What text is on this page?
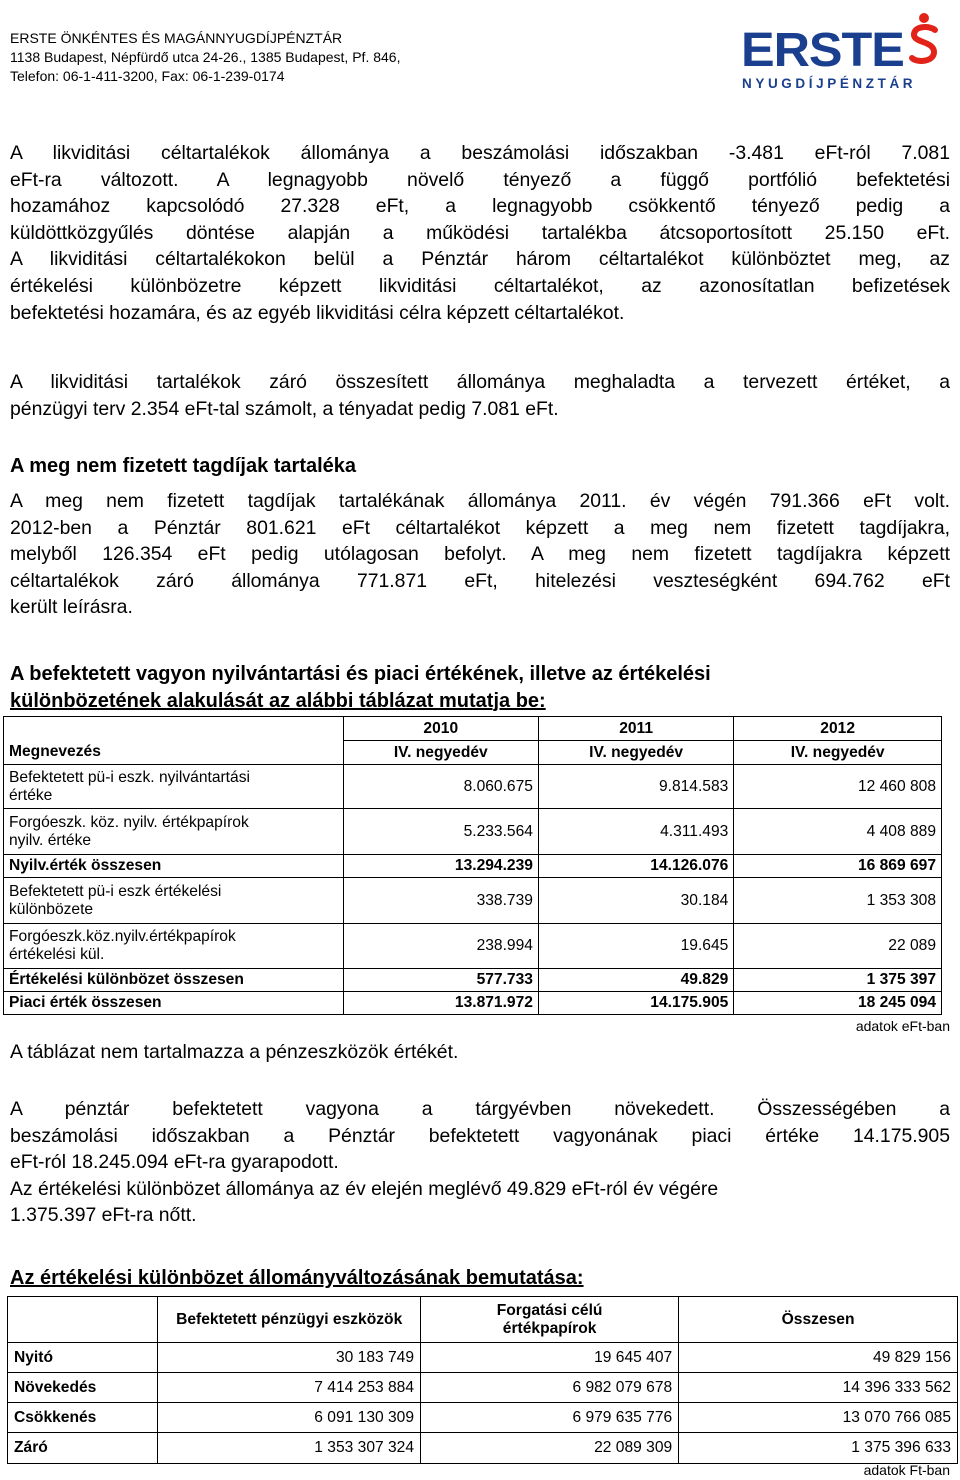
ERSTE ÖNKÉNTES ÉS MAGÁNNYUGDÍJPÉNZTÁR
1138 Budapest, Népfürdő utca 24-26., 1385 Budapest, Pf. 846,
Telefon: 06-1-411-3200, Fax: 06-1-239-0174	ERSTE
NYUGDÍJPÉNZTÁR
A likviditási céltartalékok állománya a beszámolási időszakban -3.481 eFt-ról 7.081
eFt-ra változott. A legnagyobb növelő tényező a függő portfólió befektetési
hozamához kapcsolódó 27.328 eFt, a legnagyobb csökkentő tényező pedig a
küldöttközgyűlés döntése alapján a működési tartalékba átcsoportosított 25.150 eFt.
A likviditási céltartalékokon belül a Pénztár három céltartalékot különböztet meg, az
értékelési különbözetre képzett likviditási céltartalékot, az azonosítatlan befizetések
befektetési hozamára, és az egyéb likviditási célra képzett céltartalékot.
A likviditási tartalékok záró összesített állománya meghaladta a tervezett értéket, a
pénzügyi terv 2.354 eFt-tal számolt, a tényadat pedig 7.081 eFt.
A meg nem fizetett tagdíjak tartaléka
A meg nem fizetett tagdíjak tartalékának állománya 2011. év végén 791.366 eFt volt.
2012-ben a Pénztár 801.621 eFt céltartalékot képzett a meg nem fizetett tagdíjakra,
melyből 126.354 eFt pedig utólagosan befolyt. A meg nem fizetett tagdíjakra képzett
céltartalékok záró állománya 771.871 eFt, hitelezési veszteségként 694.762 eFt
került leírásra.
A befektetett vagyon nyilvántartási és piaci értékének, illetve az értékelési
különbözetének alakulását az alábbi táblázat mutatja be:
	2010	2011	2012
Megnevezés	IV. negyedév	IV. negyedév	IV. negyedév

Befektetett pü-i eszk. nyilvántartási
értéke	8.060.675	9.814.583	12 460 808

Forgóeszk. köz. nyilv. értékpapírok
nyilv. értéke	5.233.564	4.311.493	4 408 889
Nyilv.érték összesen	13.294.239	14.126.076	16 869 697

Befektetett pü-i eszk értékelési
különbözete	338.739	30.184	1 353 308

Forgóeszk.köz.nyilv.értékpapírok
értékelési kül.	238.994	19.645	22 089
Értékelési különbözet összesen	577.733	49.829	1 375 397
Piaci érték összesen	13.871.972	14.175.905	18 245 094
adatok eFt-ban
A táblázat nem tartalmazza a pénzeszközök értékét.
A pénztár befektetett vagyona a tárgyévben növekedett. Összességében a
beszámolási időszakban a Pénztár befektetett vagyonának piaci értéke 14.175.905
eFt-ról 18.245.094 eFt-ra gyarapodott.
Az értékelési különbözet állománya az év elején meglévő 49.829 eFt-ról év végére
1.375.397 eFt-ra nőtt.
Az értékelési különbözet állományváltozásának bemutatása:
	Befektetett pénzügyi eszközök	Forgatási célú
értékpapírok	Összesen
Nyitó	30 183 749	19 645 407	49 829 156
Növekedés	7 414 253 884	6 982 079 678	14 396 333 562
Csökkenés	6 091 130 309	6 979 635 776	13 070 766 085
Záró	1 353 307 324	22 089 309	1 375 396 633
adatok Ft-ban
